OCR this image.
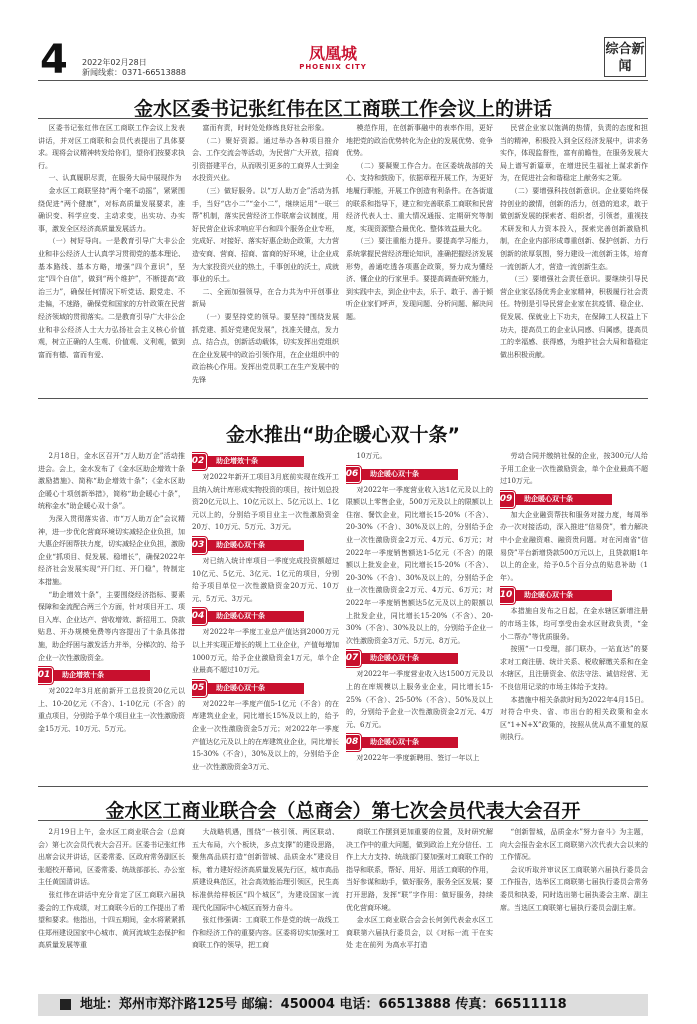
4 2022年02月28日
新闻线索：0371-66513888
凤凰城
PHOENIX CITY
综合新闻
金水区委书记张红伟在区工商联工作会议上的讲话

区委书记张红伟在区工商联工作会议上发表讲话，并对区工商联和会员代表提出了具体要求。现将会议精神转发给你们，望你们按要求执行。

一、认真履职尽责，在服务大局中展现作为

金水区工商联坚持“两个毫不动摇”，紧紧围绕促进“两个健康”，对标高质量发展要求，准确识变、科学应变、主动求变，出实功、办实事，激发全区经济高质量发展活力。

（一）树好导向。一是教育引导广大非公企业和非公经济人士认真学习贯彻党的基本理论、基本路线、基本方略，增强“四个意识”，坚定“四个自信”，做到“两个维护”，不断提高“政治三力”，确保任何情况下听党话、跟党走、不走偏，不迷路，确保党和国家的方针政策在民营经济领域的贯彻落实。二是教育引导广大非公企业和非公经济人士大力弘扬社会主义核心价值观，树立正确的人生观、价值观、义利观，做到富而有德、富而有爱、

富而有责，时时处处修炼良好社会形象。

（二）聚好资源。通过举办各种项目推介会、工作交流会等活动，为民营广大开放，招商引资搭建平台，从而吸引更多的工商界人士到金水投资兴业。

（三）做好服务。以“万人助万企”活动为抓手，当好“店小二”“金小二”，继续运用“一联三帮”机制，落实民营经济工作联席会议制度，用好民营企业诉求响应平台和四个服务企业专班，完成好、对接好、落实好惠企助企政策，大力营造安商、营商、招商、富商的好环境，让企业成为大家投资兴业的热土，千事创业的沃土，成就事业的乐土。

二、全面加强领导，在合力共为中开创事业新局

（一）要坚持党的领导。要坚持“围绕发展抓党建、抓好党建促发展”，找准关键点，发力点、结合点，创新活动载体，切实发挥出党组织在企业发展中的政治引领作用，在企业组织中的政治核心作用。发挥出党员职工在生产发展中的先锋

模范作用，在创新事融中的表率作用，更好地把党的政治优势转化为企业的发展优势、竞争优势。

（二）要凝聚工作合力。在区委统战部的关心、支持和鼓励下，依据章程开展工作，为更好地履行职能，开展工作创造有利条件。在各街道的联系和指导下，建立和完善联系工商联和民营经济代表人士、重大情况通报、定期研究等制度，实现资源整合最优化、整体效益最大化。

（三）要注重能力提升。要提高学习能力，系统掌握民营经济理论知识，准确把握经济发展形势，善通吃透各项惠企政策，努力成为懂经济、懂企业的行家里手。要提高调查研究能力，到实践中去，到企业中去，乐于、敢于、善于倾听企业家们呼声，发现问题、分析问题、解决问题。

民营企业家以饱满的热情，负责的态度和担当的精神，积极投入到全区经济发展中，讲求务实作，体现监督性，富有前瞻性，在服务发展大局上谱写新篇章，在增进民生福祉上谋求新作为，在促进社会和谐稳定上献务实之策。

（二）要增强科技创新意识。企业要始终保持创业的激情，创新的活力，创造的追求，敢于做创新发展的探索者、组织者，引领者，重视技术研发和人力资本投入，探索完善创新激励机制，在企业内部形成尊重创新、保护创新、力行创新的浓厚氛围，努力建设一流创新主体，培育一流创新人才，营造一流创新生态。

（三）要增强社会责任意识。要继续引导民营企业家弘扬优秀企业家精神，积极履行社会责任。特别是引导民营企业家在抗疫情、稳企业、促发展、保就业上下功夫，在保障工人权益上下功夫，提高员工的企业认同感、归属感，提高员工的幸福感、获得感，为维护社会大局和谐稳定做出积极贡献。

金水推出“助企暖心双十条”

2月18日，金水区召开“万人助万企”活动推进会。会上，金水发布了《金水区助企增效十条激励措施》、简称“助企增效十条”；《金水区助企暖心十项创新举措》，简称“助企暖心十条”，统称金水“助企暖心双十条”。

为深入贯彻落实省、市“万人助万企”会议精神，进一步优化营商环境切实减轻企业负担，加大惠企纾困帮扶力度，切实减轻企业负担，激励企业“抓项目、促发展、稳增长”，确保2022年经济社会发展实现“开门红、开门稳”，特制定本措施。

“助企增效十条”，主要围绕经济指标、要素保障和金流配合两三个方面，针对项目开工、项目入库、企业达产、营收增效、新招用工、贷款贴息、开办规模免费等内容提出了十条具体措施，助企纾困与激发活力并举，分梯次的、给予企业一次性激励资金。

01	助企增效十条

对2022年3月底前新开工总投资20亿元以上、10-20亿元（不含）、1-10亿元（不含）的重点项目，分别给予单个项目业主一次性激励资金15万元、10万元、5万元。

02	助企增效十条

对2022年新开工项目3月底前实现在线开工且纳入统计库形成实物投资的项目，按计划总投资20亿元以上、10亿元以上、5亿元以上、1亿元以上的，分别给予项目业主一次性激励资金20万、10万元、5万元、3万元。

03	助企暖心双十条

对已纳入统计库项目一季度完成投资额超过10亿元、5亿元、3亿元、1亿元的项目，分别给予项目单位一次性激励资金20万元、10万元、5万元、3万元。

04	助企暖心双十条

对2022年一季度工业总产值达到2000万元以上并实现正增长的规上工业企业，产值每增加1000万元，给予企业激励资金1万元，单个企业最高不超过10万元。

05	助企暖心双十条

对2022年一季度产值5-1亿元（不含）的在库建筑业企业，同比增长15%及以上的，给予企业一次性激励资金5万元；对2022年一季度产值达亿元及以上的在库建筑业企业，同比增长15-30%（不含），30%及以上的，分别给予企业一次性激励资金3万元、

10万元。

06	助企暖心双十条

对2022年一季度营业收入达1亿元及以上的限额以上零售企业，500万元及以上的限额以上住宿、餐饮企业，同比增长15-20%（不含）、20-30%（不含）、30%及以上的，分别给予企业一次性激励资金2万元、4万元、6万元；对2022年一季度销售额达1-5亿元（不含）的限额以上批发企业，同比增长15-20%（不含）、20-30%（不含）、30%及以上的，分别给予企业一次性激励资金2万元、4万元、6万元；对2022年一季度销售额达5亿元及以上的限额以上批发企业，同比增长15-20%（不含）、20-30%（不含）、30%及以上的，分别给予企业一次性激励资金3万元、5万元、8万元。

07	助企暖心双十条

对2022年一季度营业收入达1500万元及以上的在库规模以上服务业企业，同比增长15-25%（不含）、25-50%（不含）、50%及以上的，分别给予企业一次性激励资金2万元、4万元、6万元。

08	助企暖心双十条

对2022年一季度新聘用、签订一年以上

劳动合同并缴纳社保的企业，按300元/人给予用工企业一次性激励资金，单个企业最高不超过10万元。

09	助企暖心双十条

加大企业融资帮扶和服务对接力度，每周举办一次对接活动，深入推进“信易贷”，着力解决中小企业融资难、融资贵问题。对在河南省“信易贷”平台新增贷款500万元以上，且贷款期1年以上的企业，给予0.5个百分点的贴息补助（1年）。

10	助企暖心双十条

本措施自发布之日起，在金水辖区新增注册的市场主体，均可享受由金水区财政负责，“金小二帮办”等优质服务。

按照“一口受理，部门联办，一站直达”的要求对工商注册、统计关系、税收解缴关系和在金水辖区，且注册资金、依法守法、诚信经营、无不良信用记录的市场主体给予支持。

本措施中相关条款时间为2022年4月15日。对符合中央、省、市出台的相关政策和金水区“1+N+X”政策的，按照从优从高不重复的原则执行。

金水区工商业联合会（总商会）第七次会员代表大会召开

2月19日上午，金水区工商业联合会（总商会）第七次会员代表大会召开。区委书记张红伟出席会议并讲话，区委常委、区政府常务副区长张超校开幕词，区委常委、统战部部长、办公室主任黄国清讲话。

张红伟在讲话中充分肯定了区工商联六届执委会的工作成绩，对工商联今后的工作提出了希望和要求。他指出，十四五期间，金水将紧紧抓住郑州建设国家中心城市、黄河流域生态保护和高质量发展等重

大战略机遇，围绕“一核引领、两区联动、五大布局，六个板块，多点支撑”的建设思路，聚焦高品质打造“创新智城、品质金水”建设目标，着力建好经济高质量发展先行区，城市高品质建设典范区，社会高效能治理引领区，民生高标准供给样板区“四个城区”，为建设国家一流现代化国际中心城区而努力奋斗。

张红伟强调：工商联工作是党的统一战线工作和经济工作的重要内容。区委将切实加强对工商联工作的领导，把工商

商联工作摆到更加重要的位置，及时研究解决工作中的重大问题，做到政治上充分信任、工作上大力支持、统战部门要加强对工商联工作的指导和联系，帮好、用好、用活工商联的作用，当好参谋和助手，做好服务，服务全区发展；要打开思路，发挥“联”字作用：做好服务，持续优化营商环境。

金水区工商业联合会会长何剑代表金水区工商联第六届执行委员会，以《对标一流 干在实处 走在前列 为高水平打造

“创新智城，品质金水”努力奋斗》为主题，向大会报告金水区工商联第六次代表大会以来的工作情况。

会议听取并审议区工商联第六届执行委员会工作报告，选举区工商联第七届执行委员会常务委员和执委，同时选出第七届执委会主席、副主席。当选区工商联第七届执行委员会副主席。

地址：郑州市郑汴路125号 邮编：450004 电话：66513888 传真：66511118
